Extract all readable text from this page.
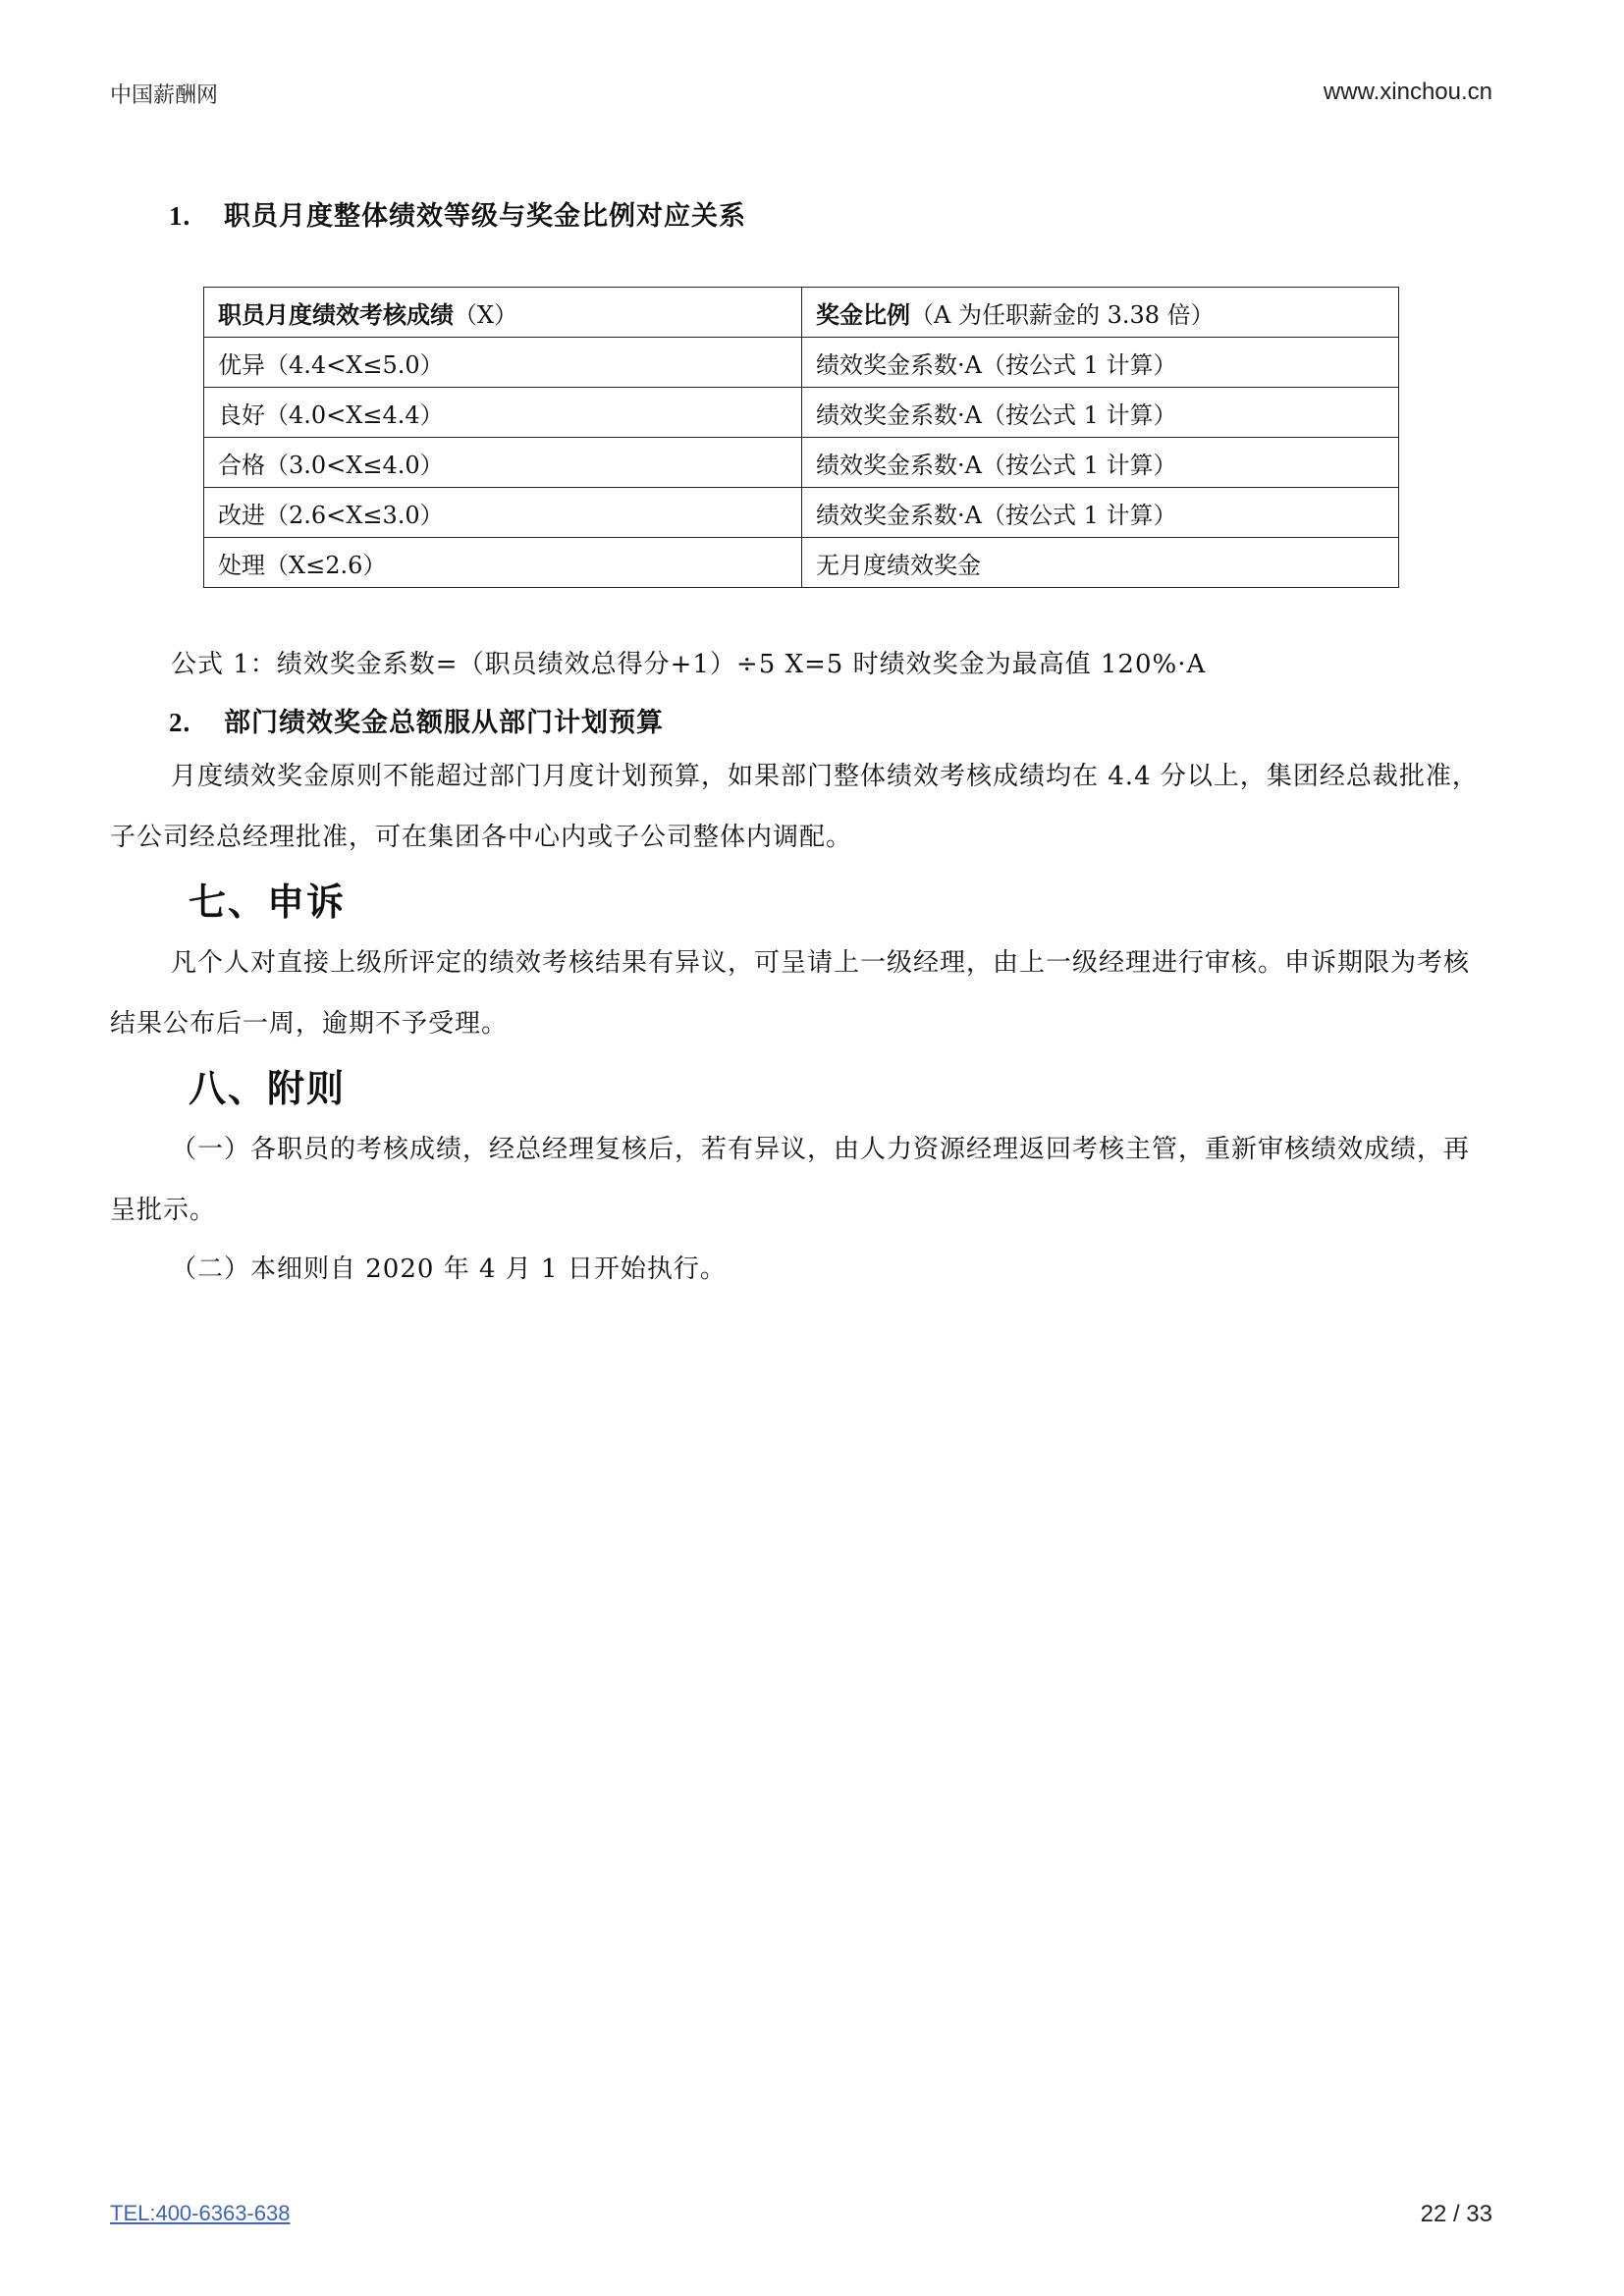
中国薪酬网	www.xinchou.cn
1. 职员月度整体绩效等级与奖金比例对应关系
职员月度绩效考核成绩（X）	奖金比例（A 为任职薪金的 3.38 倍）
优异（4.4<X≤5.0）	绩效奖金系数·A（按公式 1 计算）
良好（4.0<X≤4.4）	绩效奖金系数·A（按公式 1 计算）
合格（3.0<X≤4.0）	绩效奖金系数·A（按公式 1 计算）
改进（2.6<X≤3.0）	绩效奖金系数·A（按公式 1 计算）
处理（X≤2.6）	无月度绩效奖金
公式 1：绩效奖金系数=（职员绩效总得分+1）÷5 X=5 时绩效奖金为最高值 120%·A
2. 部门绩效奖金总额服从部门计划预算
月度绩效奖金原则不能超过部门月度计划预算，如果部门整体绩效考核成绩均在 4.4 分以上，集团经总裁批准，子公司经总经理批准，可在集团各中心内或子公司整体内调配。
七、申诉
凡个人对直接上级所评定的绩效考核结果有异议，可呈请上一级经理，由上一级经理进行审核。申诉期限为考核结果公布后一周，逾期不予受理。
八、附则
（一）各职员的考核成绩，经总经理复核后，若有异议，由人力资源经理返回考核主管，重新审核绩效成绩，再呈批示。
（二）本细则自 2020 年 4 月 1 日开始执行。
TEL:400-6363-638	22 / 33
